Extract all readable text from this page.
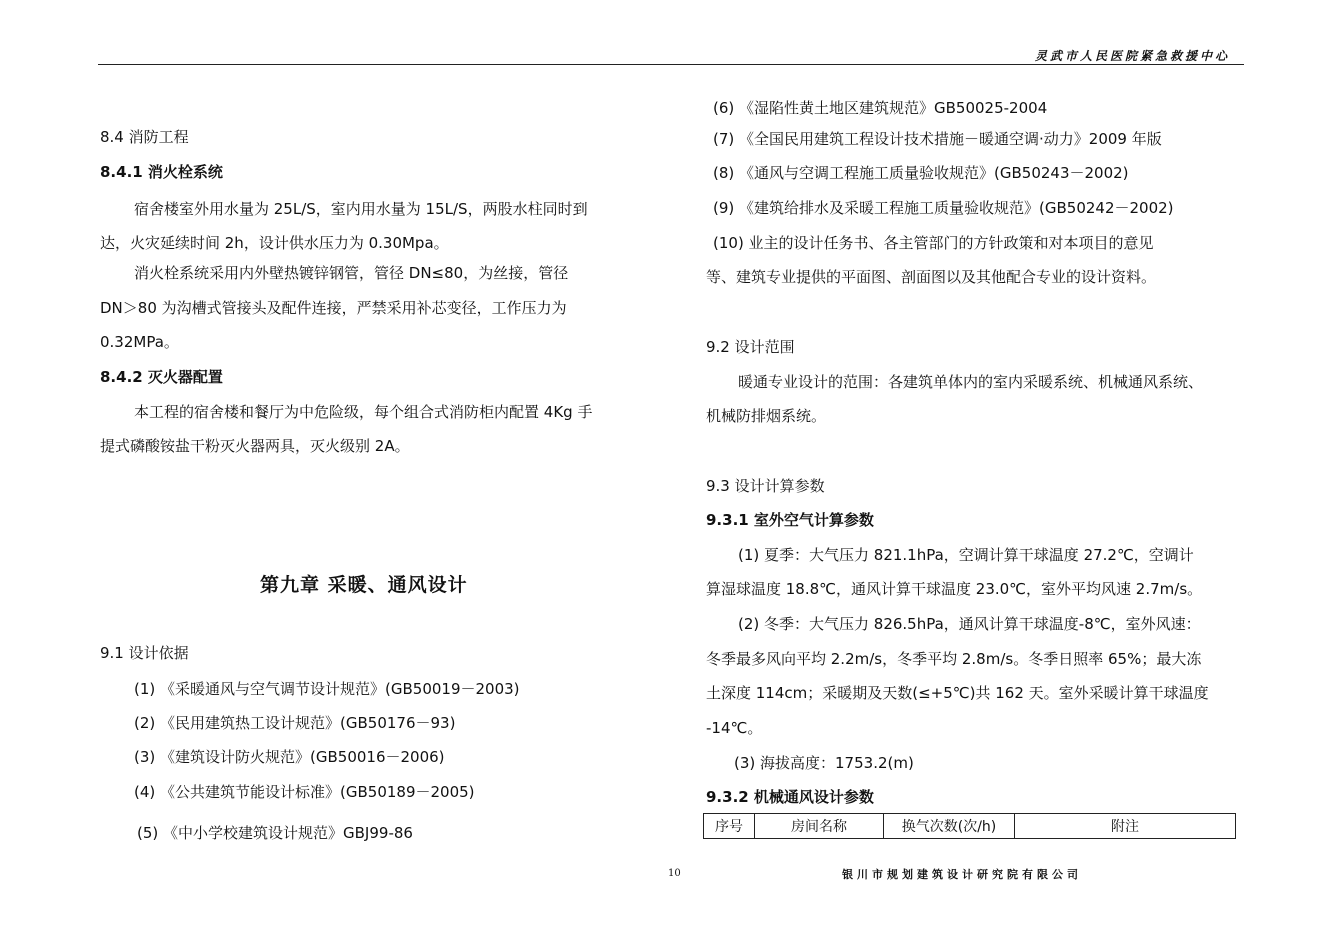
灵武市人民医院紧急救援中心
8.4 消防工程
8.4.1 消火栓系统
宿舍楼室外用水量为 25L/S，室内用水量为 15L/S，两股水柱同时到
达，火灾延续时间 2h，设计供水压力为 0.30Mpa。
消火栓系统采用内外壁热镀锌钢管，管径 DN≤80，为丝接，管径
DN＞80 为沟槽式管接头及配件连接，严禁采用补芯变径，工作压力为
0.32MPa。
8.4.2 灭火器配置
本工程的宿舍楼和餐厅为中危险级，每个组合式消防柜内配置 4Kg 手
提式磷酸铵盐干粉灭火器两具，灭火级别 2A。
第九章 采暖、通风设计
9.1 设计依据
(1) 《采暖通风与空气调节设计规范》(GB50019－2003)
(2) 《民用建筑热工设计规范》(GB50176－93)
(3) 《建筑设计防火规范》(GB50016－2006)
(4) 《公共建筑节能设计标准》(GB50189－2005)
(5) 《中小学校建筑设计规范》GBJ99-86
(6) 《湿陷性黄土地区建筑规范》GB50025-2004
(7) 《全国民用建筑工程设计技术措施－暖通空调·动力》2009 年版
(8) 《通风与空调工程施工质量验收规范》(GB50243－2002)
(9) 《建筑给排水及采暖工程施工质量验收规范》(GB50242－2002)
(10) 业主的设计任务书、各主管部门的方针政策和对本项目的意见
等、建筑专业提供的平面图、剖面图以及其他配合专业的设计资料。
9.2 设计范围
暖通专业设计的范围：各建筑单体内的室内采暖系统、机械通风系统、
机械防排烟系统。
9.3 设计计算参数
9.3.1 室外空气计算参数
(1) 夏季：大气压力 821.1hPa，空调计算干球温度 27.2℃，空调计
算湿球温度 18.8℃，通风计算干球温度 23.0℃，室外平均风速 2.7m/s。
(2) 冬季：大气压力 826.5hPa，通风计算干球温度-8℃，室外风速：
冬季最多风向平均 2.2m/s，冬季平均 2.8m/s。冬季日照率 65%；最大冻
土深度 114cm；采暖期及天数(≤+5℃)共 162 天。室外采暖计算干球温度
-14℃。
(3) 海拔高度：1753.2(m)
9.3.2 机械通风设计参数
序号	房间名称	换气次数(次/h)	附注
10	银川市规划建筑设计研究院有限公司
